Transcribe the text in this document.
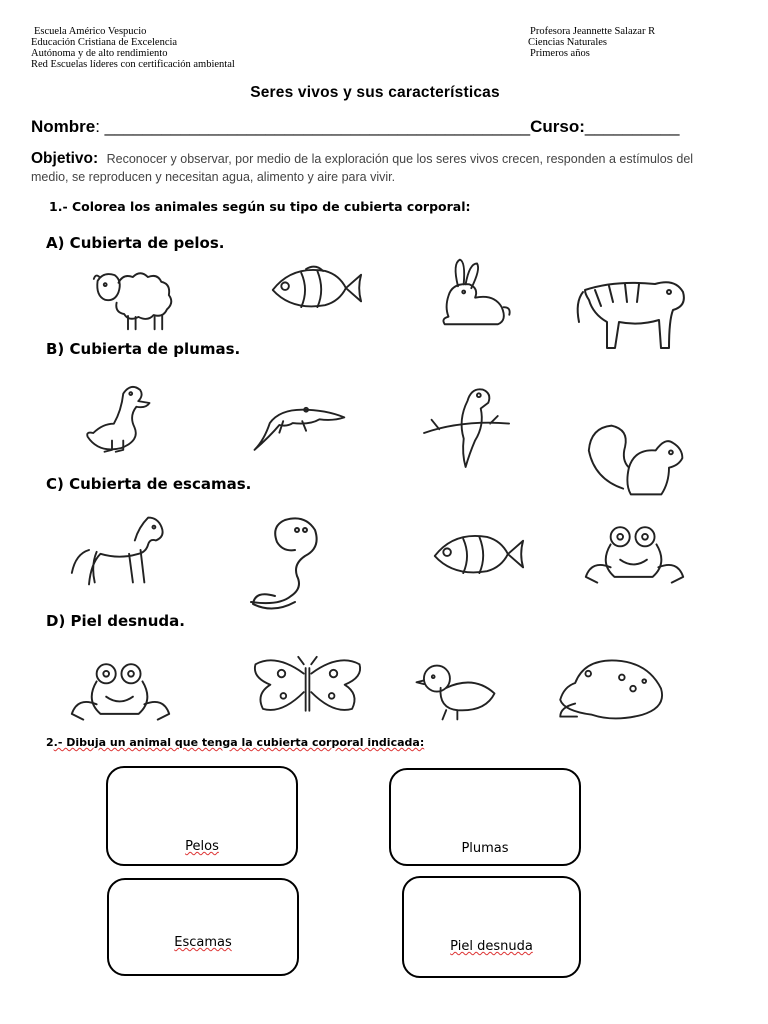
Escuela Américo Vespucio
Educación Cristiana de Excelencia
Autónoma y de alto rendimiento
Red Escuelas líderes con certificación ambiental
Profesora Jeannette Salazar R
Ciencias Naturales
Primeros años
Seres vivos y sus características
Nombre: _____________________________________________Curso:__________
Objetivo: Reconocer y observar, por medio de la exploración que los seres vivos crecen, responden a estímulos del medio, se reproducen y necesitan agua, alimento y aire para vivir.
1.- Colorea los animales según su tipo de cubierta corporal:
A) Cubierta de pelos.
B) Cubierta de plumas.
C) Cubierta de escamas.
D) Piel desnuda.
2.- Dibuja un animal que tenga la cubierta corporal indicada:
Pelos	Plumas
Escamas	Piel desnuda
